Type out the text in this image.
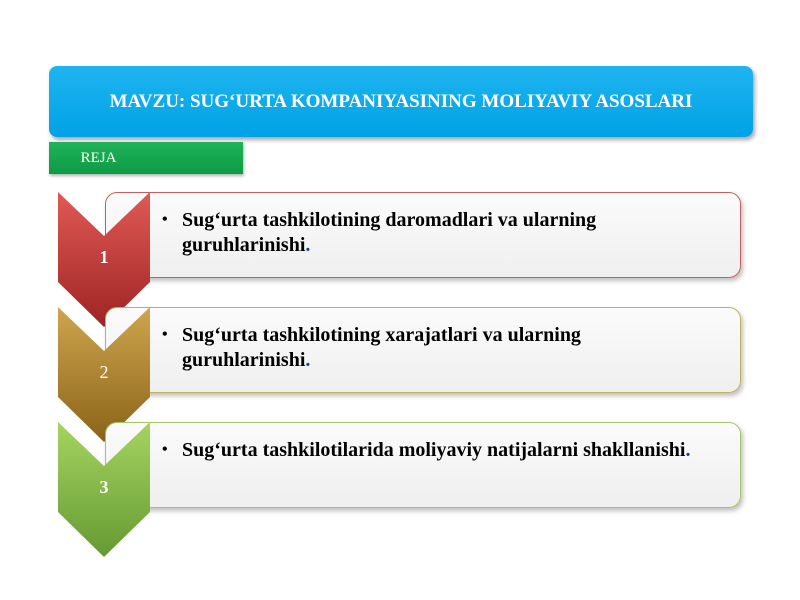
MAVZU: SUG‘URTA KOMPANIYASINING MOLIYAVIY ASOSLARI
REJA
1
• Sug‘urta tashkilotining daromadlari va ularning guruhlarinishi.
2
• Sug‘urta tashkilotining xarajatlari va ularning guruhlarinishi.
3
• Sug‘urta tashkilotilarida moliyaviy natijalarni shakllanishi.
